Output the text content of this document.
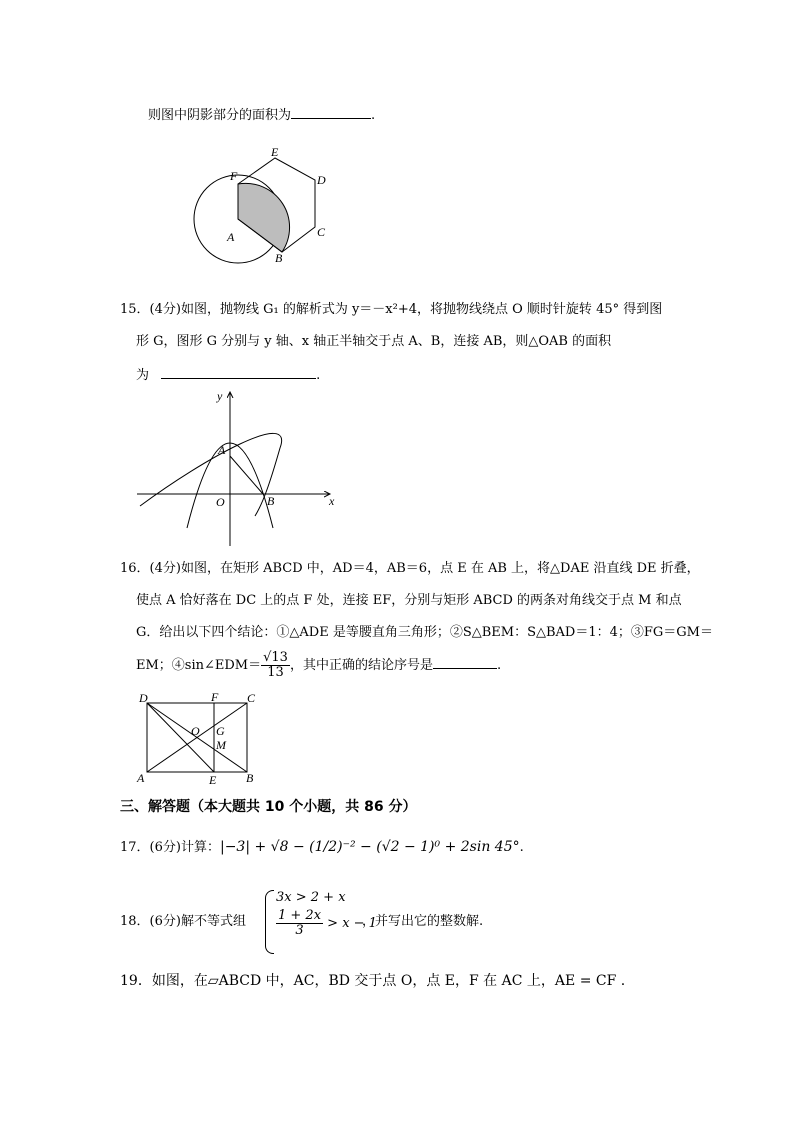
则图中阴影部分的面积为	.
F
E
D
C
B
A
15．(4分)如图，抛物线 G₁ 的解析式为 y＝－x²+4，将抛物线绕点 O 顺时针旋转 45° 得到图
形 G，图形 G 分别与 y 轴、x 轴正半轴交于点 A、B，连接 AB，则△OAB 的面积
为	.
y
x
O
A
B
16．(4分)如图，在矩形 ABCD 中，AD＝4，AB＝6，点 E 在 AB 上，将△DAE 沿直线 DE 折叠，
使点 A 恰好落在 DC 上的点 F 处，连接 EF，分别与矩形 ABCD 的两条对角线交于点 M 和点
G．给出以下四个结论：①△ADE 是等腰直角三角形；②S△BEM：S△BAD＝1：4；③FG＝GM＝
EM；④sin∠EDM＝ $\frac{√13}{13}$ ，其中正确的结论序号是	.
D	F C
O G
M
A	E B
三、解答题（本大题共 10 个小题，共 86 分）
17．(6分)计算：|−3| + √8 − (1/2)⁻² − (√2 − 1)⁰ + 2sin 45°.
18．(6分)解不等式组
3x > 2 + x
$\frac{1 + 2x}{3} > x - 1$
，并写出它的整数解.
19．如图，在▱ABCD 中，AC，BD 交于点 O，点 E，F 在 AC 上，AE = CF .
